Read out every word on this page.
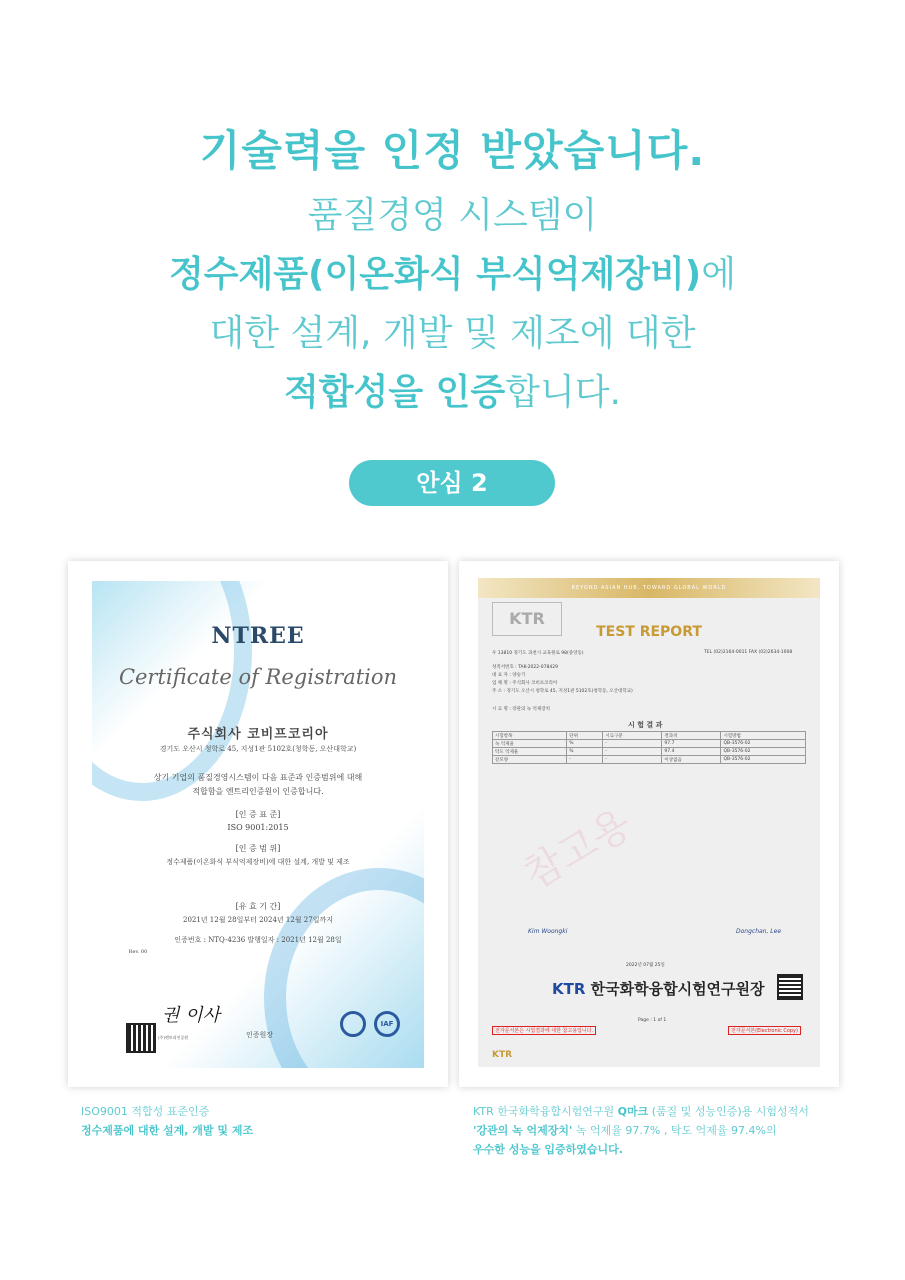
기술력을 인정 받았습니다.
품질경영 시스템이
정수제품(이온화식 부식억제장비)에
대한 설계, 개발 및 제조에 대한
적합성을 인증합니다.
안심 2
NTREE
Certificate of Registration
주식회사 코비프코리아
경기도 오산시 청학로 45, 지성1관 5102호(청학동, 오산대학교)
상기 기업의 품질경영시스템이 다음 표준과 인증범위에 대해
적합함을 엔트리인증원이 인증합니다.
[인 증 표 준]
ISO 9001:2015
[인 증 범 위]
정수제품(이온화식 부식억제장비)에 대한 설계, 개발 및 제조
[유 효 기 간]
2021년 12월 28일부터 2024년 12월 27일까지
인증번호 : NTQ-4236 발행일자 : 2021년 12월 28일
Rev. 00
권 이사
인증원장
(주)엔트리인증원
IAF
BEYOND ASIAN HUB, TOWARD GLOBAL WORLD
KTR
TEST REPORT
우 13810 경기도 과천시 교육원로 98(중앙동)	TEL (02)2164-0011 FAX (02)2634-1008
성적서번호 : TAK-2022-078429
대 표 자 : 양승기
업 체 명 : 주식회사 코비프코리아
주 소 : 경기도 오산시 청학로 45, 지성1관 5102호(청학동, 오산대학교)
시 료 명 : 강관의 녹 억제장치
시 험 결 과
시험항목	단위	시료구분	결과치	시험방법
녹 억제율	%	-	97.7	QB-3576-02
탁도 억제율	%	-	97.4	QB-3576-02
같모양	-	-	이상없음	QB-3576-02
참고용
Kim Woongki	Dongchan, Lee
2022년 07월 25일
KTR 한국화학융합시험연구원장
Page : 1 of 1
전자문서본은 시험결과에 대한 참고용입니다.	전자문서본(Electronic Copy)
KTR
ISO9001 적합성 표준인증
정수제품에 대한 설계, 개발 및 제조
KTR 한국화학융합시험연구원 Q마크 (품질 및 성능인증)용 시험성적서
'강관의 녹 억제장치' 녹 억제율 97.7% , 탁도 억제율 97.4%의
우수한 성능을 입증하였습니다.
